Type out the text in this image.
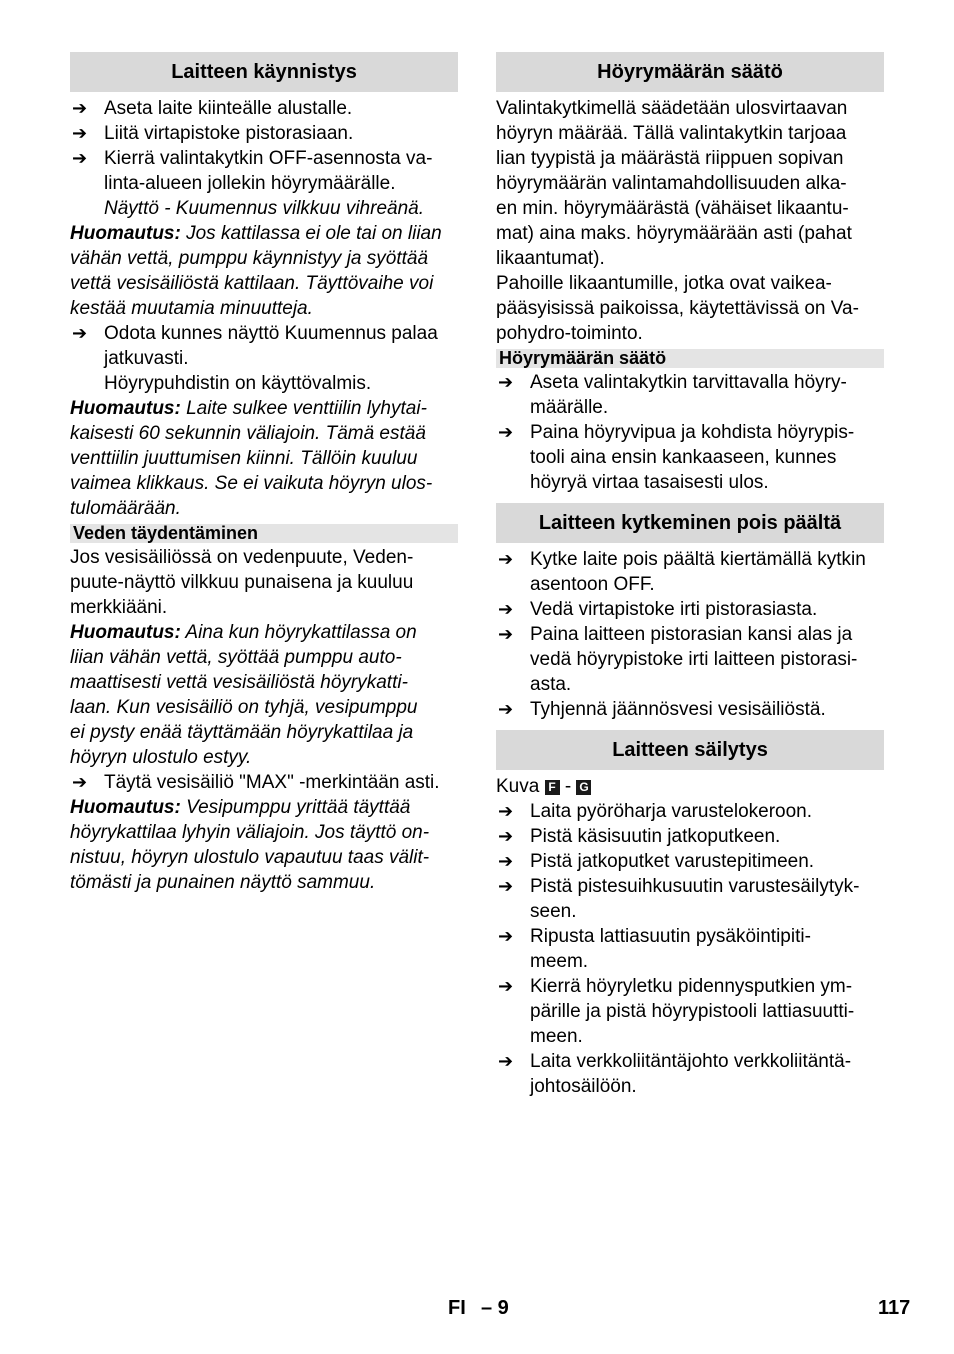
Laitteen käynnistys
➔ Aseta laite kiinteälle alustalle.
➔ Liitä virtapistoke pistorasiaan.
➔ Kierrä valintakytkin OFF-asennosta va-
linta-alueen jollekin höyrymäärälle.
Näyttö - Kuumennus vilkkuu vihreänä.
Huomautus: Jos kattilassa ei ole tai on liian
vähän vettä, pumppu käynnistyy ja syöttää
vettä vesisäiliöstä kattilaan. Täyttövaihe voi
kestää muutamia minuutteja.
➔ Odota kunnes näyttö Kuumennus palaa
jatkuvasti.
Höyrypuhdistin on käyttövalmis.
Huomautus: Laite sulkee venttiilin lyhytai-
kaisesti 60 sekunnin väliajoin. Tämä estää
venttiilin juuttumisen kiinni. Tällöin kuuluu
vaimea klikkaus. Se ei vaikuta höyryn ulos-
tulomäärään.
Veden täydentäminen
Jos vesisäiliössä on vedenpuute, Veden-
puute-näyttö vilkkuu punaisena ja kuuluu
merkkiääni.
Huomautus: Aina kun höyrykattilassa on
liian vähän vettä, syöttää pumppu auto-
maattisesti vettä vesisäiliöstä höyrykatti-
laan. Kun vesisäiliö on tyhjä, vesipumppu
ei pysty enää täyttämään höyrykattilaa ja
höyryn ulostulo estyy.
➔ Täytä vesisäiliö "MAX" -merkintään asti.
Huomautus: Vesipumppu yrittää täyttää
höyrykattilaa lyhyin väliajoin. Jos täyttö on-
nistuu, höyryn ulostulo vapautuu taas välit-
tömästi ja punainen näyttö sammuu.
Höyrymäärän säätö
Valintakytkimellä säädetään ulosvirtaavan
höyryn määrää. Tällä valintakytkin tarjoaa
lian tyypistä ja määrästä riippuen sopivan
höyrymäärän valintamahdollisuuden alka-
en min. höyrymäärästä (vähäiset likaantu-
mat) aina maks. höyrymäärään asti (pahat
likaantumat).
Pahoille likaantumille, jotka ovat vaikea-
pääsyisissä paikoissa, käytettävissä on Va-
pohydro-toiminto.
Höyrymäärän säätö
➔ Aseta valintakytkin tarvittavalla höyry-
määrälle.
➔ Paina höyryvipua ja kohdista höyrypis-
tooli aina ensin kankaaseen, kunnes
höyryä virtaa tasaisesti ulos.
Laitteen kytkeminen pois päältä
➔ Kytke laite pois päältä kiertämällä kytkin
asentoon OFF.
➔ Vedä virtapistoke irti pistorasiasta.
➔ Paina laitteen pistorasian kansi alas ja
vedä höyrypistoke irti laitteen pistorasi-
asta.
➔ Tyhjennä jäännösvesi vesisäiliöstä.
Laitteen säilytys
Kuva F - G
➔ Laita pyöröharja varustelokeroon.
➔ Pistä käsisuutin jatkoputkeen.
➔ Pistä jatkoputket varustepitimeen.
➔ Pistä pistesuihkusuutin varustesäilytyk-
seen.
➔ Ripusta lattiasuutin pysäköintipiti-
meem.
➔ Kierrä höyryletku pidennysputkien ym-
pärille ja pistä höyrypistooli lattiasuutti-
meen.
➔ Laita verkkoliitäntäjohto verkkoliitäntä-
johtosäilöön.
FI – 9	117
